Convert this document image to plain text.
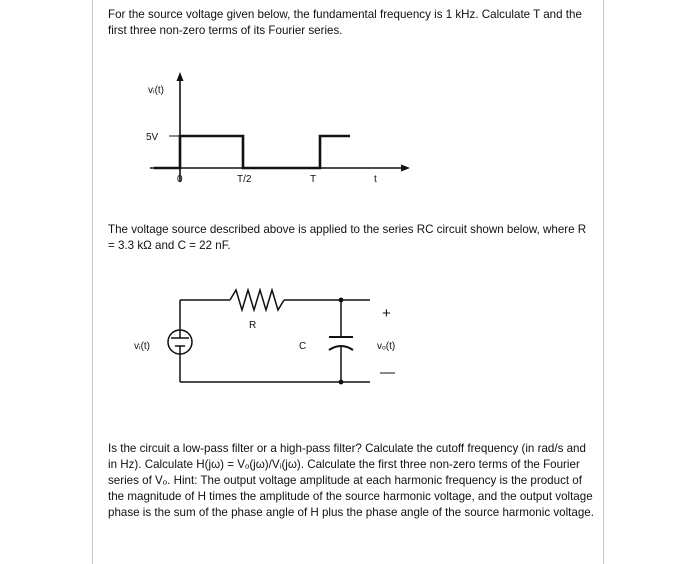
For the source voltage given below, the fundamental frequency is 1 kHz. Calculate T and the first three non-zero terms of its Fourier series.

vᵢ(t)
5V
0	T/2	T	t

The voltage source described above is applied to the series RC circuit shown below, where R = 3.3 kΩ and C = 22 nF.

vᵢ(t)
R
C	vₒ(t)
+
—

Is the circuit a low-pass filter or a high-pass filter? Calculate the cutoff frequency (in rad/s and in Hz). Calculate H(jω) = Vₒ(jω)/Vᵢ(jω). Calculate the first three non-zero terms of the Fourier series of Vₒ. Hint: The output voltage amplitude at each harmonic frequency is the product of the magnitude of H times the amplitude of the source harmonic voltage, and the output voltage phase is the sum of the phase angle of H plus the phase angle of the source harmonic voltage.
